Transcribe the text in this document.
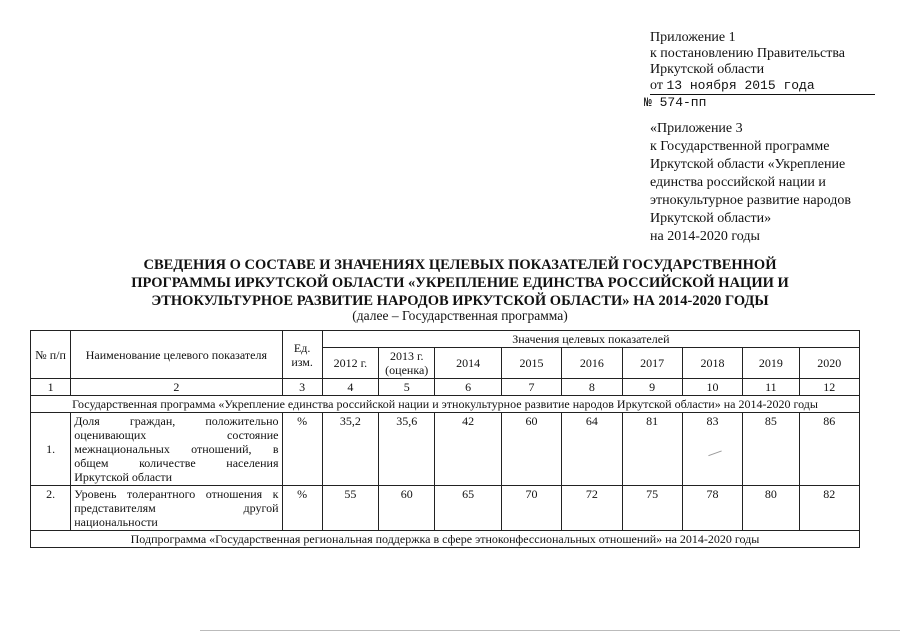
Приложение 1
к постановлению Правительства
Иркутской области
от 13 ноября 2015 года
№ 574-пп
«Приложение 3
к Государственной программе
Иркутской области «Укрепление
единства российской нации и
этнокультурное развитие народов
Иркутской области»
на 2014-2020 годы
СВЕДЕНИЯ О СОСТАВЕ И ЗНАЧЕНИЯХ ЦЕЛЕВЫХ ПОКАЗАТЕЛЕЙ ГОСУДАРСТВЕННОЙ
ПРОГРАММЫ ИРКУТСКОЙ ОБЛАСТИ «УКРЕПЛЕНИЕ ЕДИНСТВА РОССИЙСКОЙ НАЦИИ И
ЭТНОКУЛЬТУРНОЕ РАЗВИТИЕ НАРОДОВ ИРКУТСКОЙ ОБЛАСТИ» НА 2014-2020 ГОДЫ
(далее – Государственная программа)
№ п/п	Наименование целевого показателя	Ед. изм.	Значения целевых показателей								
			2012 г.	2013 г. (оценка)	2014	2015	2016	2017	2018	2019	2020
1	2	3	4	5	6	7	8	9	10	11	12
Государственная программа «Укрепление единства российской нации и этнокультурное развитие народов Иркутской области» на 2014-2020 годы											
1.	Доля граждан, положительно оценивающих состояние межнациональных отношений, в общем количестве населения Иркутской области	%	35,2	35,6	42	60	64	81	83	85	86
2.	Уровень толерантного отношения к представителям другой национальности	%	55	60	65	70	72	75	78	80	82
Подпрограмма «Государственная региональная поддержка в сфере этноконфессиональных отношений» на 2014-2020 годы											
